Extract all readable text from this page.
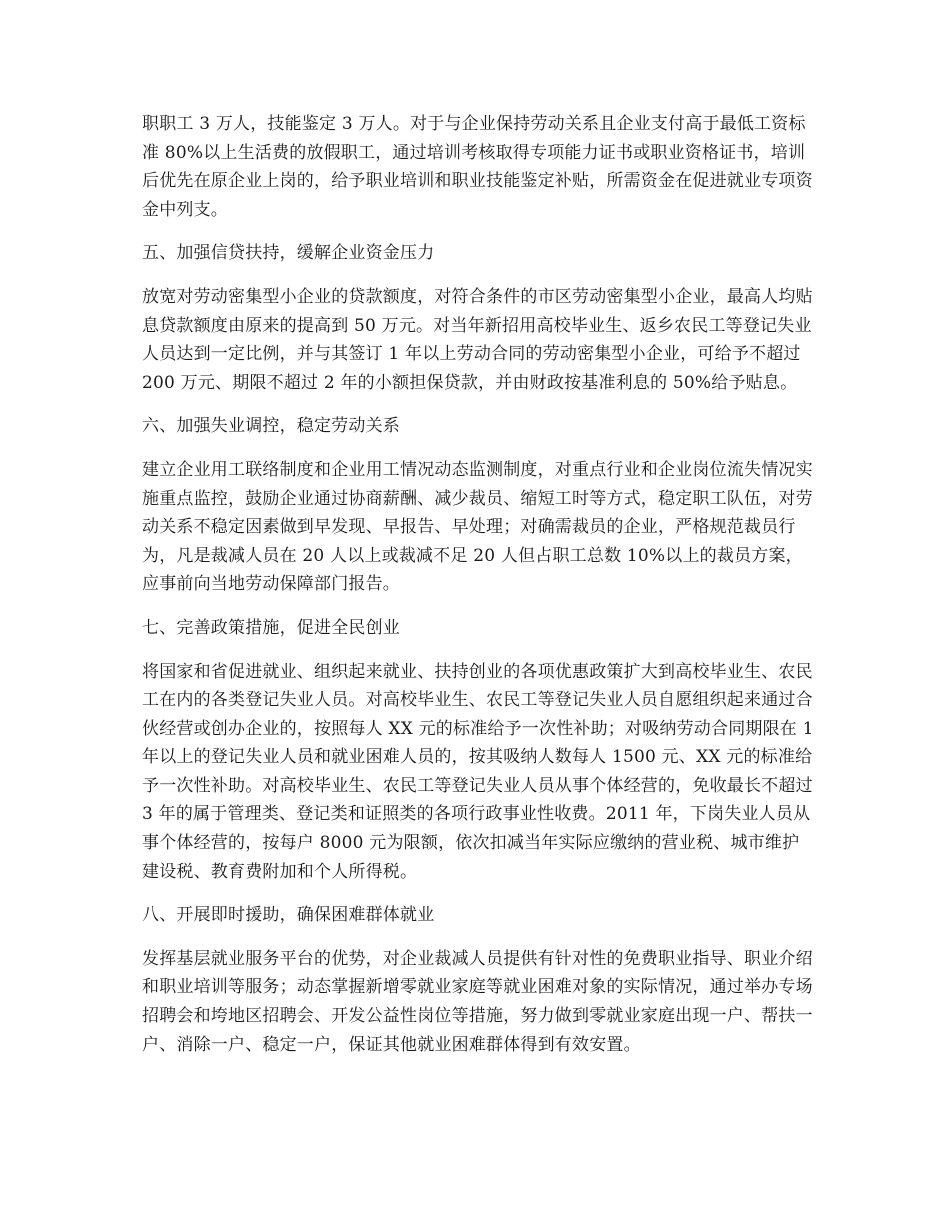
职职工 3 万人，技能鉴定 3 万人。对于与企业保持劳动关系且企业支付高于最低工资标准 80%以上生活费的放假职工，通过培训考核取得专项能力证书或职业资格证书，培训后优先在原企业上岗的，给予职业培训和职业技能鉴定补贴，所需资金在促进就业专项资金中列支。

五、加强信贷扶持，缓解企业资金压力

放宽对劳动密集型小企业的贷款额度，对符合条件的市区劳动密集型小企业，最高人均贴息贷款额度由原来的提高到 50 万元。对当年新招用高校毕业生、返乡农民工等登记失业人员达到一定比例，并与其签订 1 年以上劳动合同的劳动密集型小企业，可给予不超过 200 万元、期限不超过 2 年的小额担保贷款，并由财政按基准利息的 50%给予贴息。

六、加强失业调控，稳定劳动关系

建立企业用工联络制度和企业用工情况动态监测制度，对重点行业和企业岗位流失情况实施重点监控，鼓励企业通过协商薪酬、减少裁员、缩短工时等方式，稳定职工队伍，对劳动关系不稳定因素做到早发现、早报告、早处理；对确需裁员的企业，严格规范裁员行为，凡是裁减人员在 20 人以上或裁减不足 20 人但占职工总数 10%以上的裁员方案，应事前向当地劳动保障部门报告。

七、完善政策措施，促进全民创业

将国家和省促进就业、组织起来就业、扶持创业的各项优惠政策扩大到高校毕业生、农民工在内的各类登记失业人员。对高校毕业生、农民工等登记失业人员自愿组织起来通过合伙经营或创办企业的，按照每人 XX 元的标准给予一次性补助；对吸纳劳动合同期限在 1 年以上的登记失业人员和就业困难人员的，按其吸纳人数每人 1500 元、XX 元的标准给予一次性补助。对高校毕业生、农民工等登记失业人员从事个体经营的，免收最长不超过 3 年的属于管理类、登记类和证照类的各项行政事业性收费。2011 年，下岗失业人员从事个体经营的，按每户 8000 元为限额，依次扣减当年实际应缴纳的营业税、城市维护建设税、教育费附加和个人所得税。

八、开展即时援助，确保困难群体就业

发挥基层就业服务平台的优势，对企业裁减人员提供有针对性的免费职业指导、职业介绍和职业培训等服务；动态掌握新增零就业家庭等就业困难对象的实际情况，通过举办专场招聘会和垮地区招聘会、开发公益性岗位等措施，努力做到零就业家庭出现一户、帮扶一户、消除一户、稳定一户，保证其他就业困难群体得到有效安置。
